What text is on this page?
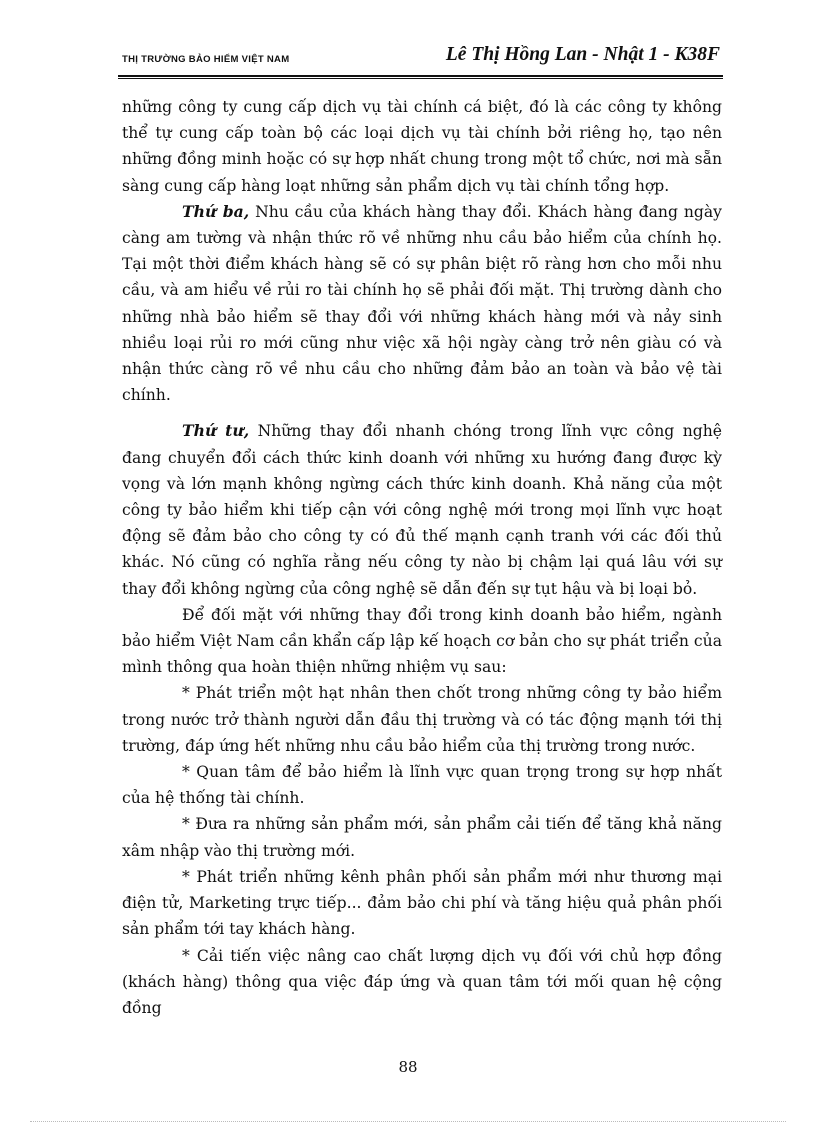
THỊ TRƯỜNG BẢO HIỂM VIỆT NAM	Lê Thị Hồng Lan - Nhật 1 - K38F

những công ty cung cấp dịch vụ tài chính cá biệt, đó là các công ty không thể tự cung cấp toàn bộ các loại dịch vụ tài chính bởi riêng họ, tạo nên những đồng minh hoặc có sự hợp nhất chung trong một tổ chức, nơi mà sẵn sàng cung cấp hàng loạt những sản phẩm dịch vụ tài chính tổng hợp.

Thứ ba, Nhu cầu của khách hàng thay đổi. Khách hàng đang ngày càng am tường và nhận thức rõ về những nhu cầu bảo hiểm của chính họ. Tại một thời điểm khách hàng sẽ có sự phân biệt rõ ràng hơn cho mỗi nhu cầu, và am hiểu về rủi ro tài chính họ sẽ phải đối mặt. Thị trường dành cho những nhà bảo hiểm sẽ thay đổi với những khách hàng mới và nảy sinh nhiều loại rủi ro mới cũng như việc xã hội ngày càng trở nên giàu có và nhận thức càng rõ về nhu cầu cho những đảm bảo an toàn và bảo vệ tài chính.

Thứ tư, Những thay đổi nhanh chóng trong lĩnh vực công nghệ đang chuyển đổi cách thức kinh doanh với những xu hướng đang được kỳ vọng và lớn mạnh không ngừng cách thức kinh doanh. Khả năng của một công ty bảo hiểm khi tiếp cận với công nghệ mới trong mọi lĩnh vực hoạt động sẽ đảm bảo cho công ty có đủ thế mạnh cạnh tranh với các đối thủ khác. Nó cũng có nghĩa rằng nếu công ty nào bị chậm lại quá lâu với sự thay đổi không ngừng của công nghệ sẽ dẫn đến sự tụt hậu và bị loại bỏ.

Để đối mặt với những thay đổi trong kinh doanh bảo hiểm, ngành bảo hiểm Việt Nam cần khẩn cấp lập kế hoạch cơ bản cho sự phát triển của mình thông qua hoàn thiện những nhiệm vụ sau:

* Phát triển một hạt nhân then chốt trong những công ty bảo hiểm trong nước trở thành người dẫn đầu thị trường và có tác động mạnh tới thị trường, đáp ứng hết những nhu cầu bảo hiểm của thị trường trong nước.

* Quan tâm để bảo hiểm là lĩnh vực quan trọng trong sự hợp nhất của hệ thống tài chính.

* Đưa ra những sản phẩm mới, sản phẩm cải tiến để tăng khả năng xâm nhập vào thị trường mới.

* Phát triển những kênh phân phối sản phẩm mới như thương mại điện tử, Marketing trực tiếp... đảm bảo chi phí và tăng hiệu quả phân phối sản phẩm tới tay khách hàng.

* Cải tiến việc nâng cao chất lượng dịch vụ đối với chủ hợp đồng (khách hàng) thông qua việc đáp ứng và quan tâm tới mối quan hệ cộng đồng

88
